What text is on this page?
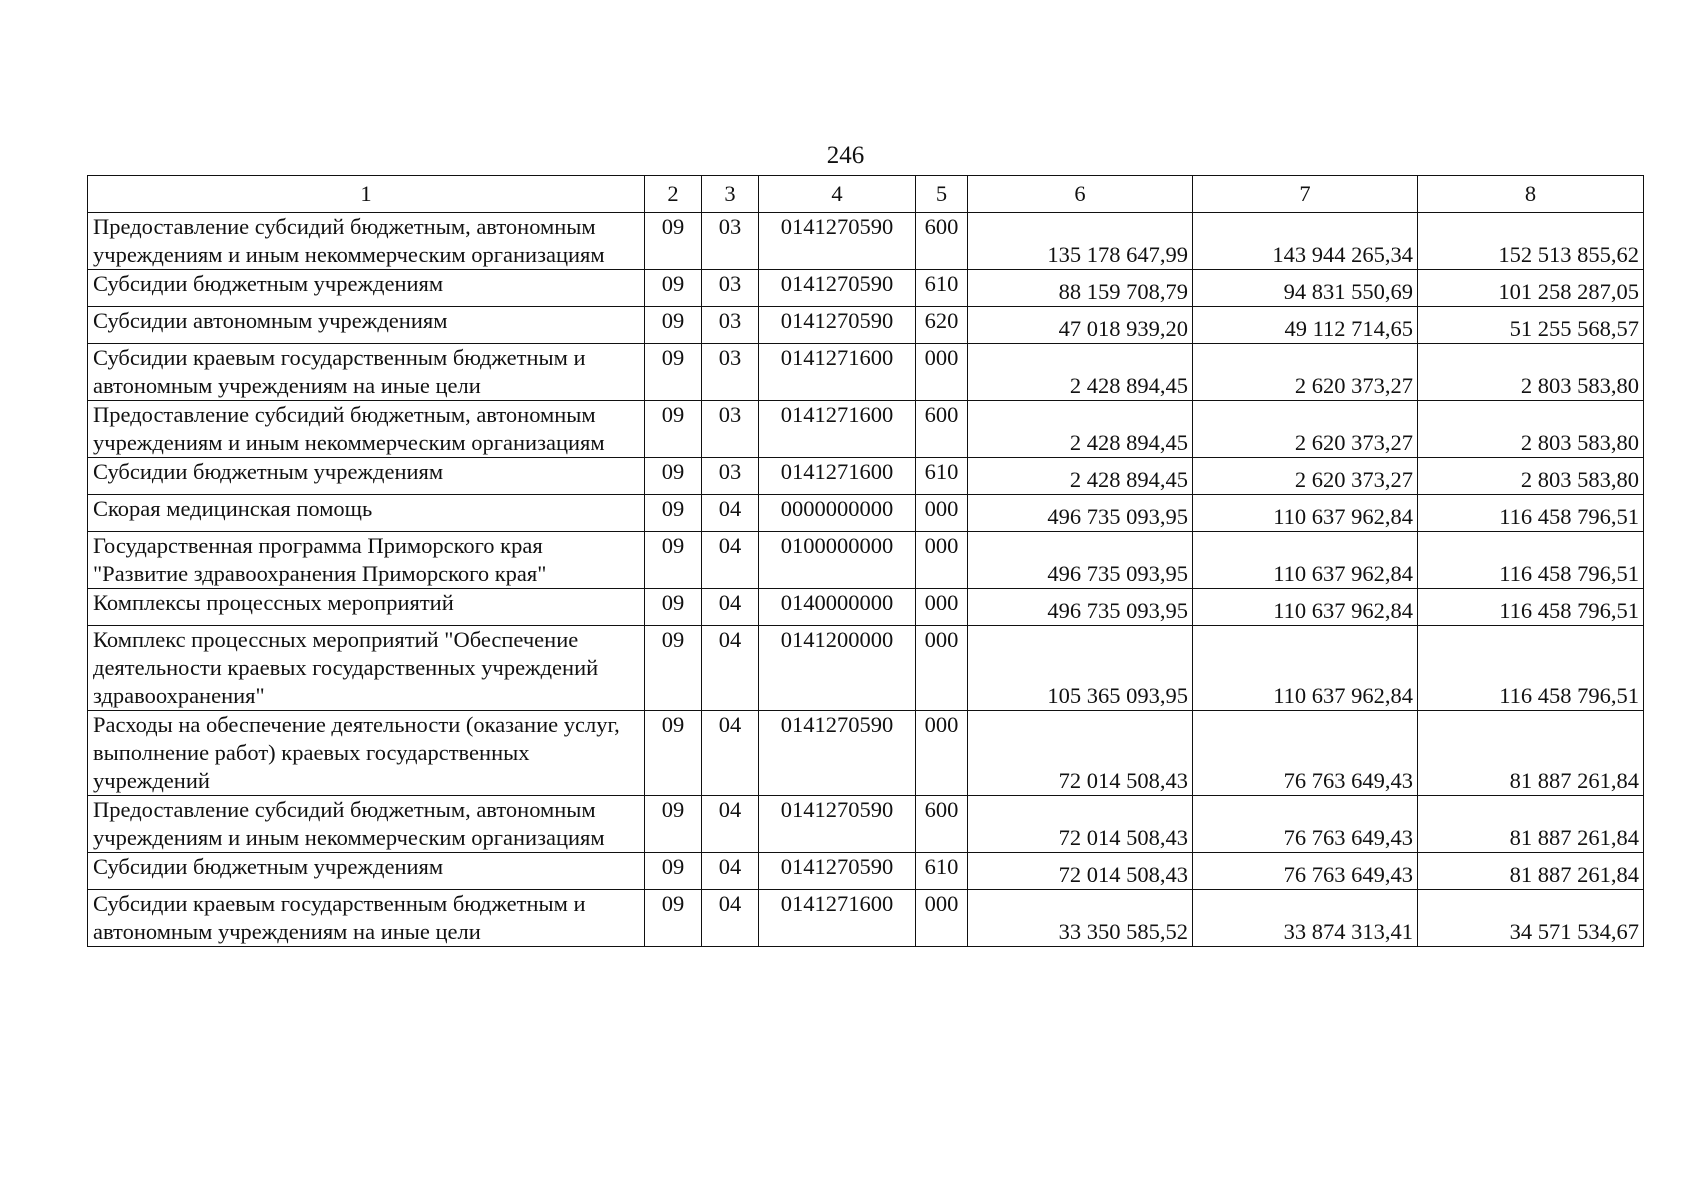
246
1	2	3	4	5	6	7	8
Предоставление субсидий бюджетным, автономным учреждениям и иным некоммерческим организациям	09	03	0141270590	600	135 178 647,99	143 944 265,34	152 513 855,62
Субсидии бюджетным учреждениям	09	03	0141270590	610	88 159 708,79	94 831 550,69	101 258 287,05
Субсидии автономным учреждениям	09	03	0141270590	620	47 018 939,20	49 112 714,65	51 255 568,57
Субсидии краевым государственным бюджетным и автономным учреждениям на иные цели	09	03	0141271600	000	2 428 894,45	2 620 373,27	2 803 583,80
Предоставление субсидий бюджетным, автономным учреждениям и иным некоммерческим организациям	09	03	0141271600	600	2 428 894,45	2 620 373,27	2 803 583,80
Субсидии бюджетным учреждениям	09	03	0141271600	610	2 428 894,45	2 620 373,27	2 803 583,80
Скорая медицинская помощь	09	04	0000000000	000	496 735 093,95	110 637 962,84	116 458 796,51
Государственная программа Приморского края "Развитие здравоохранения Приморского края"	09	04	0100000000	000	496 735 093,95	110 637 962,84	116 458 796,51
Комплексы процессных мероприятий	09	04	0140000000	000	496 735 093,95	110 637 962,84	116 458 796,51
Комплекс процессных мероприятий "Обеспечение деятельности краевых государственных учреждений здравоохранения"	09	04	0141200000	000	105 365 093,95	110 637 962,84	116 458 796,51
Расходы на обеспечение деятельности (оказание услуг, выполнение работ) краевых государственных учреждений	09	04	0141270590	000	72 014 508,43	76 763 649,43	81 887 261,84
Предоставление субсидий бюджетным, автономным учреждениям и иным некоммерческим организациям	09	04	0141270590	600	72 014 508,43	76 763 649,43	81 887 261,84
Субсидии бюджетным учреждениям	09	04	0141270590	610	72 014 508,43	76 763 649,43	81 887 261,84
Субсидии краевым государственным бюджетным и автономным учреждениям на иные цели	09	04	0141271600	000	33 350 585,52	33 874 313,41	34 571 534,67
